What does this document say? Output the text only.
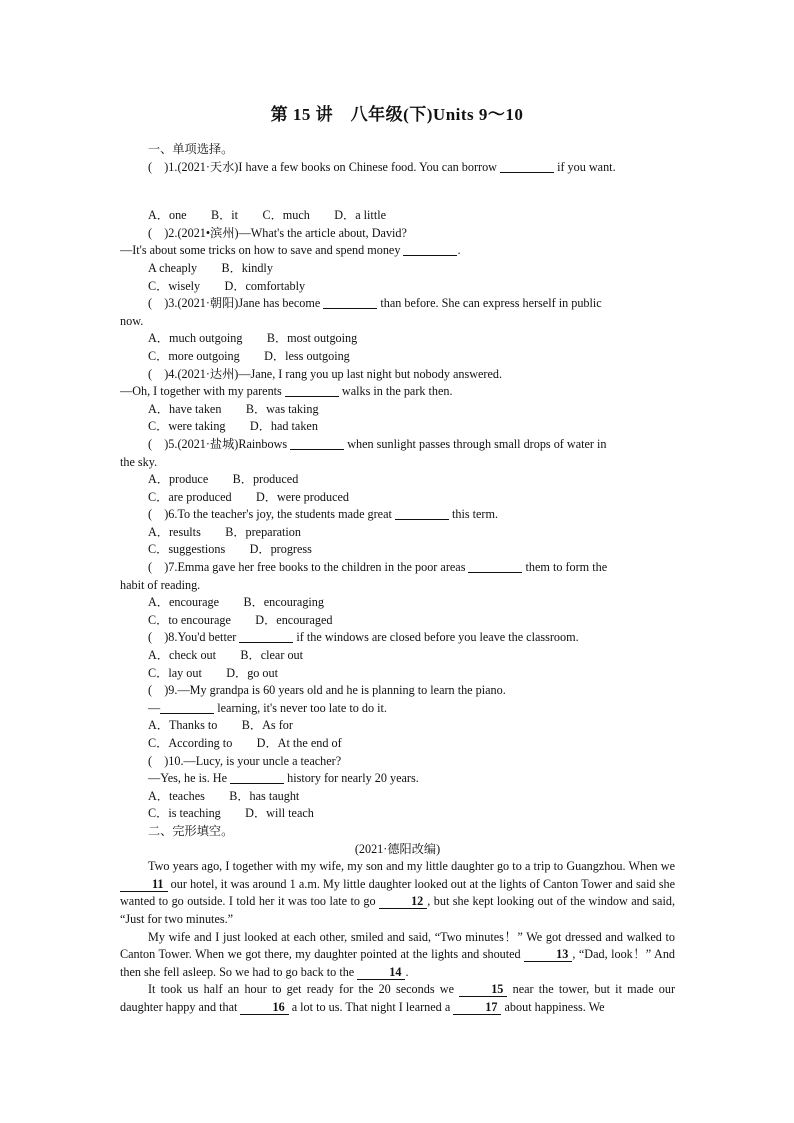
第 15 讲　八年级(下)Units 9～10
一、单项选择。
(　)1.(2021·天水)I have a few books on Chinese food. You can borrow	if you want.
A．one　　 B．it　　 C．much　　 D．a little
(　)2.(2021•滨州)—What's the article about, David?
—It's about some tricks on how to save and spend money	.
A cheaply　　 B．kindly
C．wisely　　 D．comfortably
(　)3.(2021·朝阳)Jane has become	than before. She can express herself in public
now.
A．much outgoing　　 B．most outgoing
C．more outgoing　　 D．less outgoing
(　)4.(2021·达州)—Jane, I rang you up last night but nobody answered.
—Oh, I together with my parents	walks in the park then.
A．have taken　　 B．was taking
C．were taking　　 D．had taken
(　)5.(2021·盐城)Rainbows	when sunlight passes through small drops of water in
the sky.
A．produce　　 B．produced
C．are produced　　 D．were produced
(　)6.To the teacher's joy, the students made great	this term.
A．results　　 B．preparation
C．suggestions　　 D．progress
(　)7.Emma gave her free books to the children in the poor areas	them to form the
habit of reading.
A．encourage　　 B．encouraging
C．to encourage　　 D．encouraged
(　)8.You'd better	if the windows are closed before you leave the classroom.
A．check out　　 B．clear out
C．lay out　　 D．go out
(　)9.—My grandpa is 60 years old and he is planning to learn the piano.
—	learning, it's never too late to do it.
A．Thanks to　　 B．As for
C．According to　　 D．At the end of
(　)10.—Lucy, is your uncle a teacher?
—Yes, he is. He	history for nearly 20 years.
A．teaches　　 B．has taught
C．is teaching　　 D．will teach
二、完形填空。
(2021·德阳改编)
Two years ago, I together with my wife, my son and my little daughter go to a trip to Guangzhou. When we 11 our hotel, it was around 1 a.m. My little daughter looked out at the lights of Canton Tower and said she wanted to go outside. I told her it was too late to go	12 , but she kept looking out of the window and said, “Just for two minutes.”
My wife and I just looked at each other, smiled and said, “Two minutes！” We got dressed and walked to Canton Tower. When we got there, my daughter pointed at the lights and shouted	13 , “Dad, look！” And then she fell asleep. So we had to go back to the	14 .
It took us half an hour to get ready for the 20 seconds we	15 near the tower, but it made our daughter happy and that	16 a lot to us. That night I learned a	17 about happiness. We
